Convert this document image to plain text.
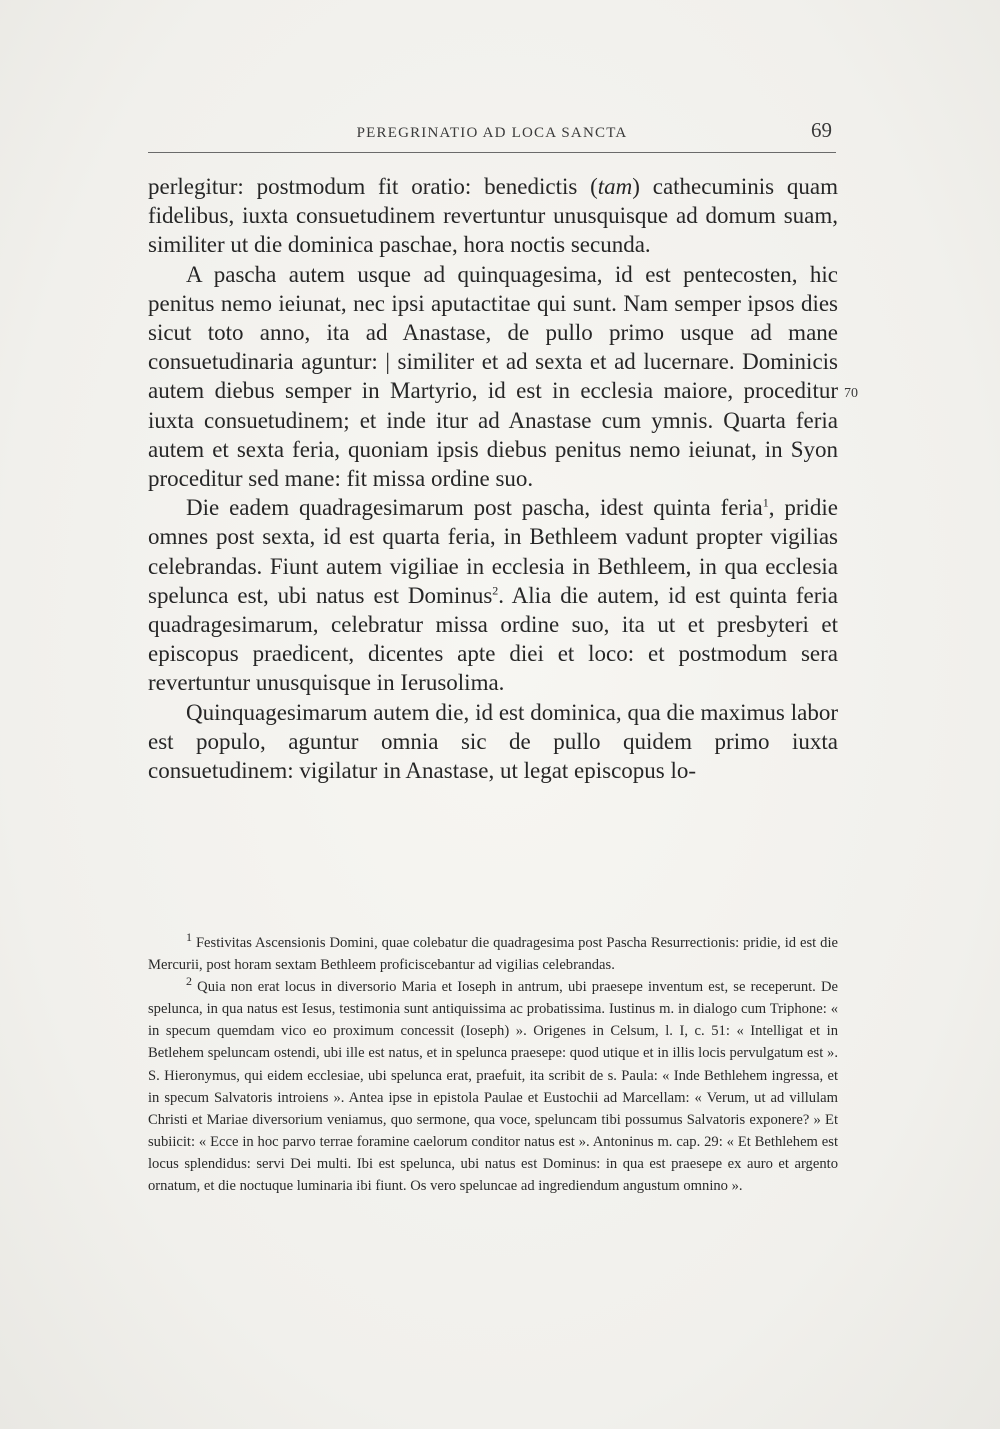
PEREGRINATIO AD LOCA SANCTA	69
70

perlegitur: postmodum fit oratio: benedictis (tam) cathecuminis quam fidelibus, iuxta consuetudinem revertuntur unusquisque ad domum suam, similiter ut die dominica paschae, hora noctis secunda.

A pascha autem usque ad quinquagesima, id est pentecosten, hic penitus nemo ieiunat, nec ipsi aputactitae qui sunt. Nam semper ipsos dies sicut toto anno, ita ad Anastase, de pullo primo usque ad mane consuetudinaria aguntur: | similiter et ad sexta et ad lucernare. Dominicis autem diebus semper in Martyrio, id est in ecclesia maiore, proceditur iuxta consuetudinem; et inde itur ad Anastase cum ymnis. Quarta feria autem et sexta feria, quoniam ipsis diebus penitus nemo ieiunat, in Syon proceditur sed mane: fit missa ordine suo.

Die eadem quadragesimarum post pascha, idest quinta feria$^1$, pridie omnes post sexta, id est quarta feria, in Bethleem vadunt propter vigilias celebrandas. Fiunt autem vigiliae in ecclesia in Bethleem, in qua ecclesia spelunca est, ubi natus est Dominus$^2$. Alia die autem, id est quinta feria quadragesimarum, celebratur missa ordine suo, ita ut et presbyteri et episcopus praedicent, dicentes apte diei et loco: et postmodum sera revertuntur unusquisque in Ierusolima.

Quinquagesimarum autem die, id est dominica, qua die maximus labor est populo, aguntur omnia sic de pullo quidem primo iuxta consuetudinem: vigilatur in Anastase, ut legat episcopus lo-

$^1$ Festivitas Ascensionis Domini, quae colebatur die quadragesima post Pascha Resurrectionis: pridie, id est die Mercurii, post horam sextam Bethleem proficiscebantur ad vigilias celebrandas.

$^2$ Quia non erat locus in diversorio Maria et Ioseph in antrum, ubi praesepe inventum est, se receperunt. De spelunca, in qua natus est Iesus, testimonia sunt antiquissima ac probatissima. Iustinus m. in dialogo cum Triphone: « in specum quemdam vico eo proximum concessit (Ioseph) ». Origenes in Celsum, l. I, c. 51: « Intelligat et in Betlehem speluncam ostendi, ubi ille est natus, et in spelunca praesepe: quod utique et in illis locis pervulgatum est ». S. Hieronymus, qui eidem ecclesiae, ubi spelunca erat, praefuit, ita scribit de s. Paula: « Inde Bethlehem ingressa, et in specum Salvatoris introiens ». Antea ipse in epistola Paulae et Eustochii ad Marcellam: « Verum, ut ad villulam Christi et Mariae diversorium veniamus, quo sermone, qua voce, speluncam tibi possumus Salvatoris exponere? » Et subiicit: « Ecce in hoc parvo terrae foramine caelorum conditor natus est ». Antoninus m. cap. 29: « Et Bethlehem est locus splendidus: servi Dei multi. Ibi est spelunca, ubi natus est Dominus: in qua est praesepe ex auro et argento ornatum, et die noctuque luminaria ibi fiunt. Os vero speluncae ad ingrediendum angustum omnino ».
